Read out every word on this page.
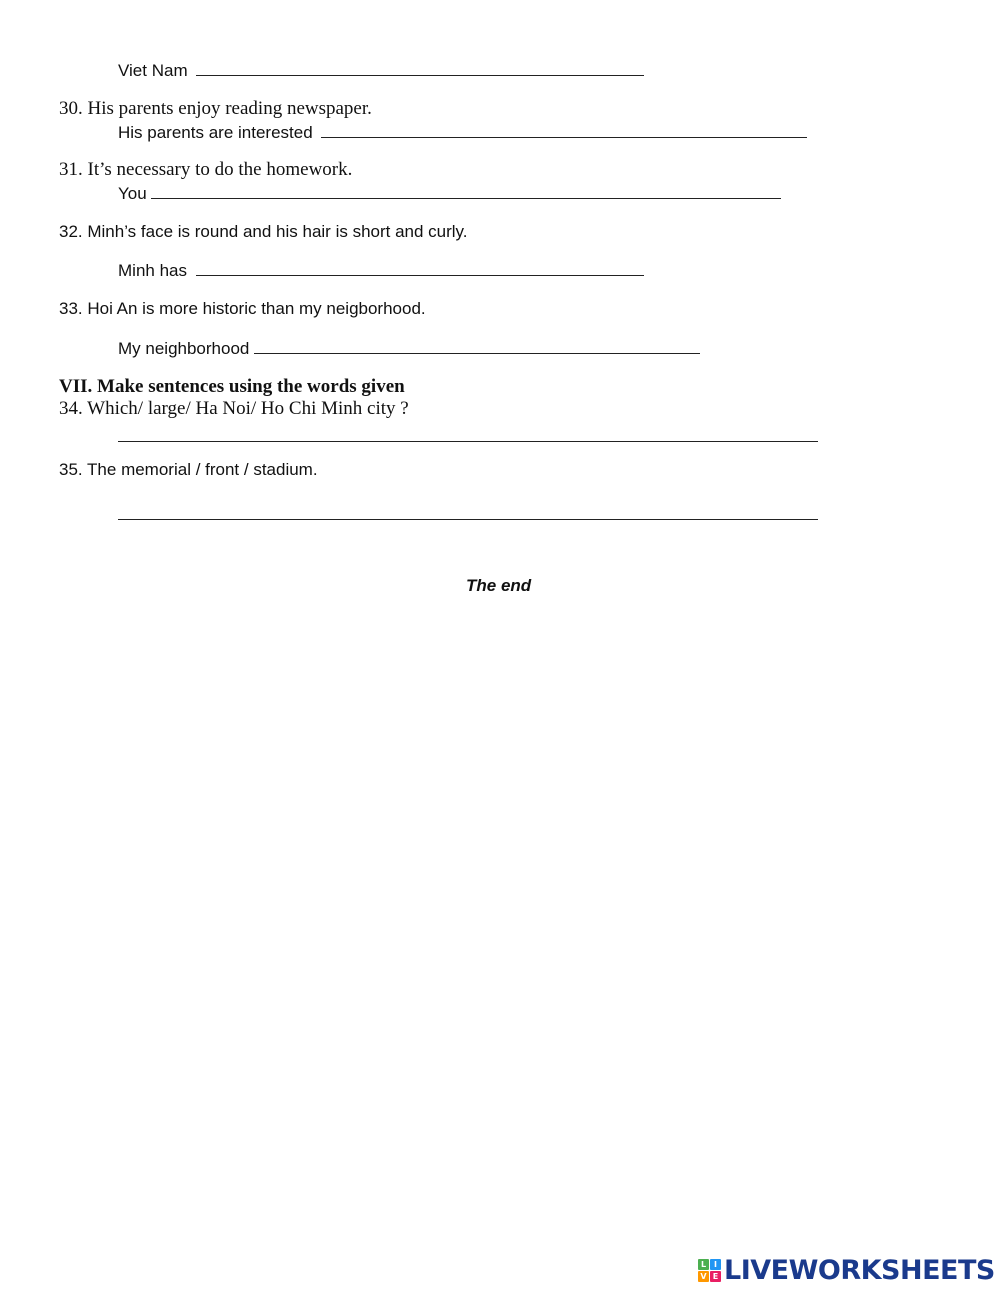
Viet Nam
30. His parents enjoy reading newspaper.
His parents are interested
31. It’s necessary to do the homework.
You
32. Minh’s face is round and his hair is short and curly.
Minh has
33. Hoi An is more historic than my neigborhood.
My neighborhood
VII. Make sentences using the words given
34. Which/ large/ Ha Noi/ Ho Chi Minh city ?
35. The memorial / front / stadium.
The end
L I
V E LIVEWORKSHEETS
